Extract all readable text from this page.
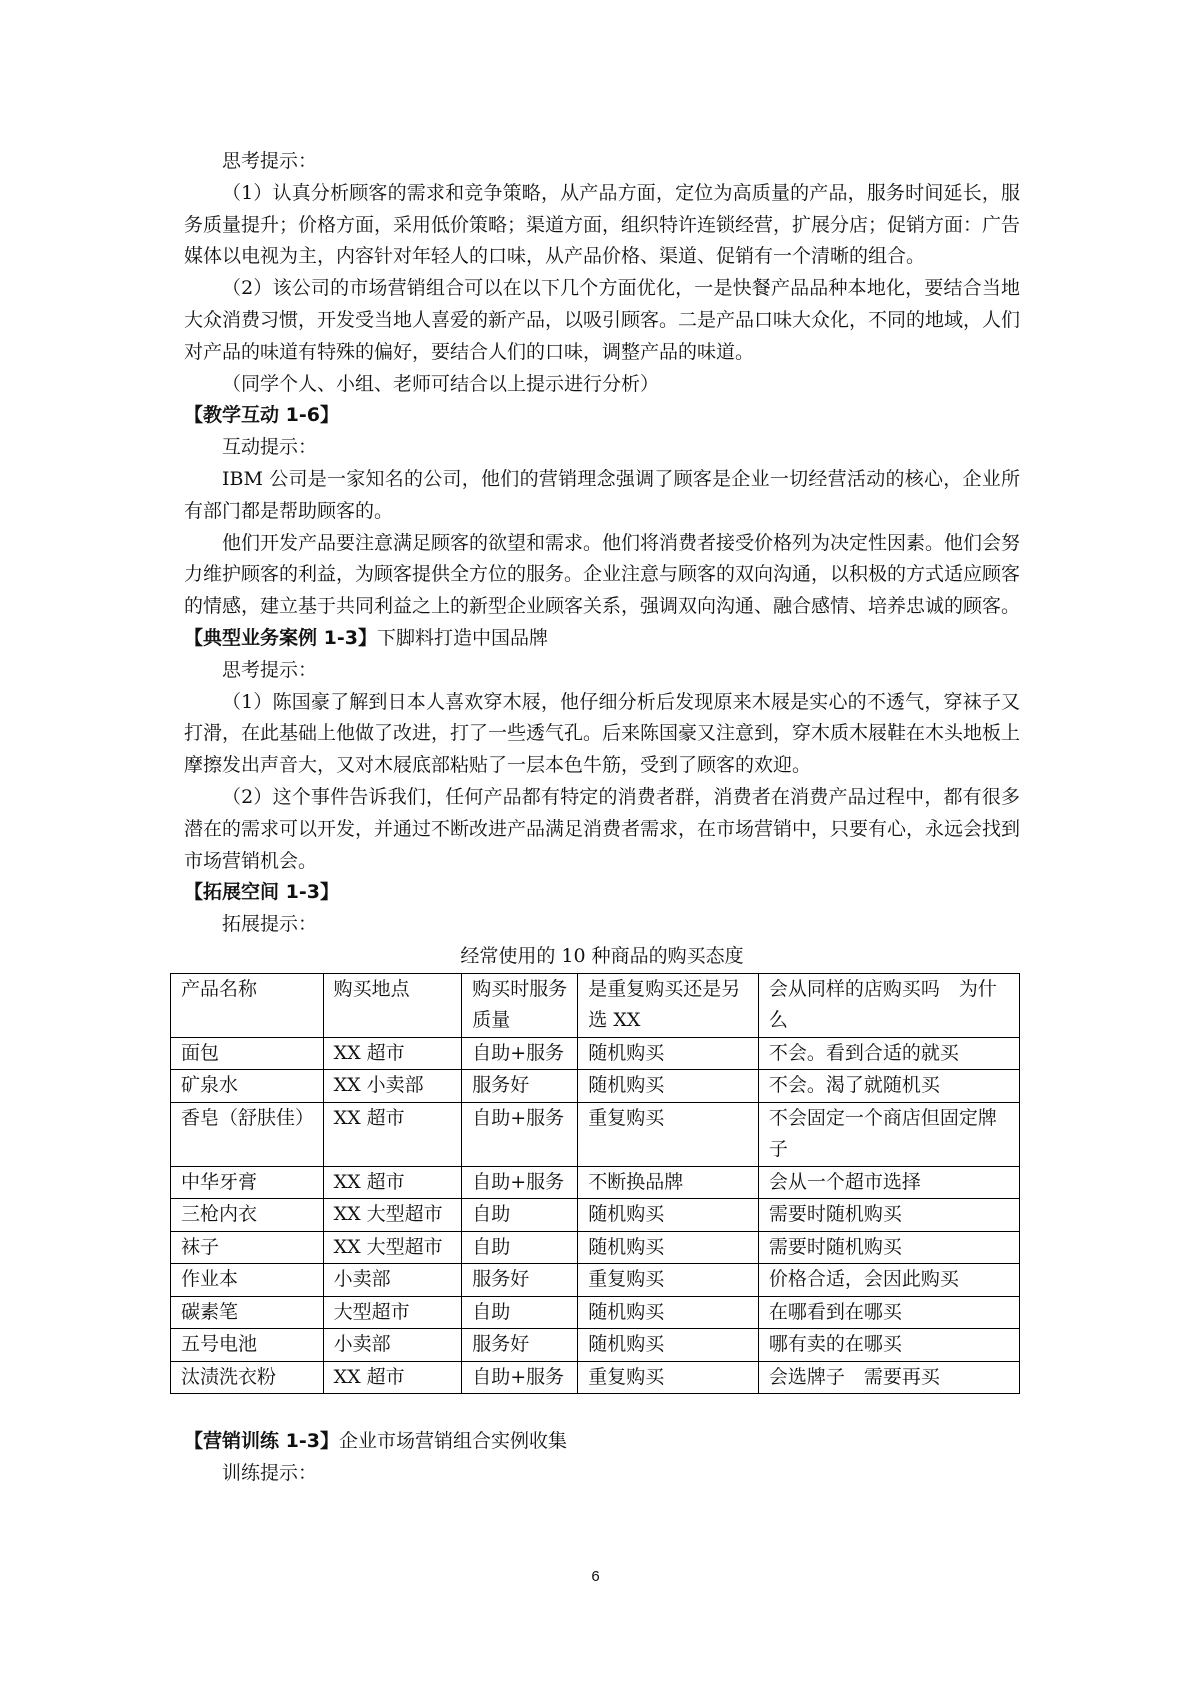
思考提示：

（1）认真分析顾客的需求和竞争策略，从产品方面，定位为高质量的产品，服务时间延长，服务质量提升；价格方面，采用低价策略；渠道方面，组织特许连锁经营，扩展分店；促销方面：广告媒体以电视为主，内容针对年轻人的口味，从产品价格、渠道、促销有一个清晰的组合。

（2）该公司的市场营销组合可以在以下几个方面优化，一是快餐产品品种本地化，要结合当地大众消费习惯，开发受当地人喜爱的新产品，以吸引顾客。二是产品口味大众化，不同的地域，人们对产品的味道有特殊的偏好，要结合人们的口味，调整产品的味道。

（同学个人、小组、老师可结合以上提示进行分析）

【教学互动 1-6】

互动提示：

IBM 公司是一家知名的公司，他们的营销理念强调了顾客是企业一切经营活动的核心，企业所有部门都是帮助顾客的。

他们开发产品要注意满足顾客的欲望和需求。他们将消费者接受价格列为决定性因素。他们会努力维护顾客的利益，为顾客提供全方位的服务。企业注意与顾客的双向沟通，以积极的方式适应顾客的情感，建立基于共同利益之上的新型企业顾客关系，强调双向沟通、融合感情、培养忠诚的顾客。

【典型业务案例 1-3】下脚料打造中国品牌

思考提示：

（1）陈国豪了解到日本人喜欢穿木屐，他仔细分析后发现原来木屐是实心的不透气，穿袜子又打滑，在此基础上他做了改进，打了一些透气孔。后来陈国豪又注意到，穿木质木屐鞋在木头地板上摩擦发出声音大，又对木屐底部粘贴了一层本色牛筋，受到了顾客的欢迎。

（2）这个事件告诉我们，任何产品都有特定的消费者群，消费者在消费产品过程中，都有很多潜在的需求可以开发，并通过不断改进产品满足消费者需求，在市场营销中，只要有心，永远会找到市场营销机会。

【拓展空间 1-3】

拓展提示：

经常使用的 10 种商品的购买态度

产品名称	购买地点	购买时服务质量	是重复购买还是另选 XX	会从同样的店购买吗　为什么
面包	XX 超市	自助+服务	随机购买	不会。看到合适的就买
矿泉水	XX 小卖部	服务好	随机购买	不会。渴了就随机买
香皂（舒肤佳）	XX 超市	自助+服务	重复购买	不会固定一个商店但固定牌子
中华牙膏	XX 超市	自助+服务	不断换品牌	会从一个超市选择
三枪内衣	XX 大型超市	自助	随机购买	需要时随机购买
袜子	XX 大型超市	自助	随机购买	需要时随机购买
作业本	小卖部	服务好	重复购买	价格合适，会因此购买
碳素笔	大型超市	自助	随机购买	在哪看到在哪买
五号电池	小卖部	服务好	随机购买	哪有卖的在哪买
汰渍洗衣粉	XX 超市	自助+服务	重复购买	会选牌子　需要再买

【营销训练 1-3】企业市场营销组合实例收集

训练提示：

6
